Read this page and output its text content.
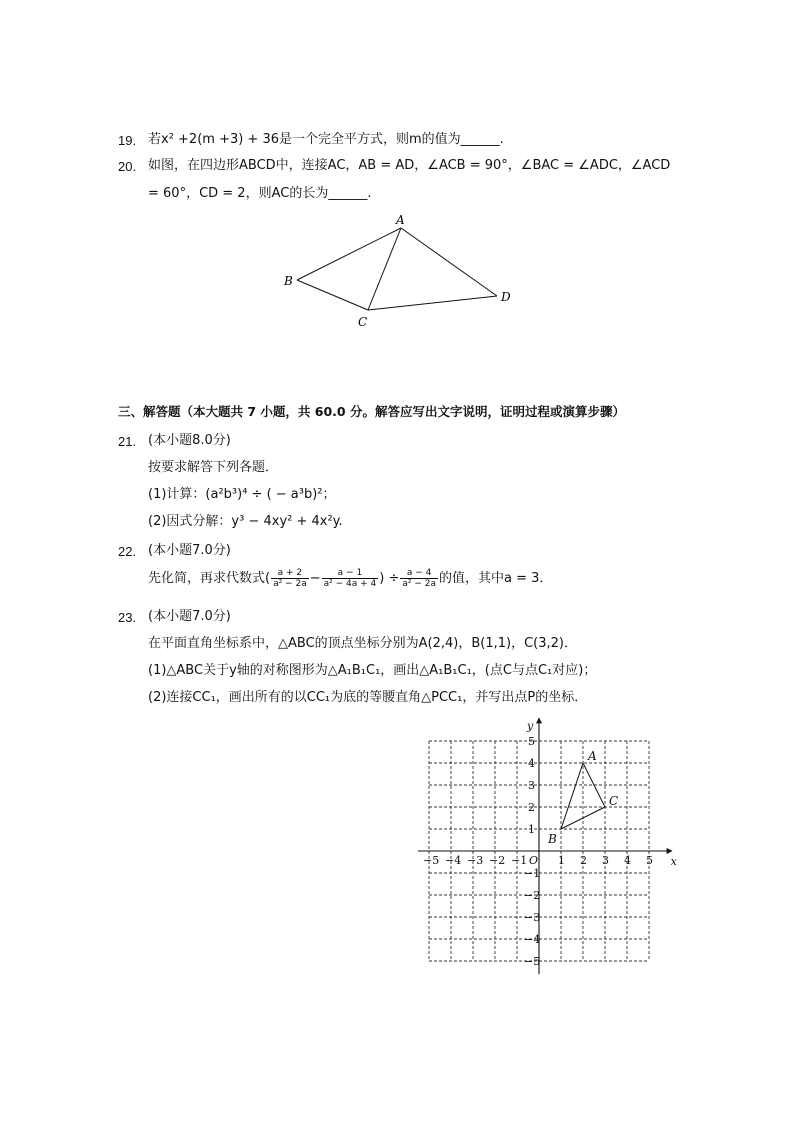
19. 若x² +2(m +3) + 36是一个完全平方式，则m的值为______.
20. 如图，在四边形ABCD中，连接AC，AB = AD，∠ACB = 90°，∠BAC = ∠ADC，∠ACD
= 60°，CD = 2，则AC的长为______.
A
B
C
D
三、解答题（本大题共 7 小题，共 60.0 分。解答应写出文字说明，证明过程或演算步骤）
21. (本小题8.0分)
按要求解答下列各题．
(1)计算：(a²b³)⁴ ÷ ( − a³b)²；
(2)因式分解：y³ − 4xy² + 4x²y.
22. (本小题7.0分)
先化简，再求代数式( $\frac{a + 2}{\text{a² − 2a}} - \frac{a - 1}{\text{a² − 4a + 4}}$ ) ÷ $\frac{a - 4}{\text{a² − 2a}}$ 的值，其中a = 3．
23. (本小题7.0分)
在平面直角坐标系中，△ABC的顶点坐标分别为A(2,4)，B(1,1)，C(3,2)．
(1)△ABC关于y轴的对称图形为△A₁B₁C₁，画出△A₁B₁C₁，(点C与点C₁对应)；
(2)连接CC₁，画出所有的以CC₁为底的等腰直角△PCC₁，并写出点P的坐标．
x
y
O
−5 −4 −3 −2 −1	1 2 3 4 5
5
4
3
2
1
−1
−2
−3
−4
−5
A
B
C
